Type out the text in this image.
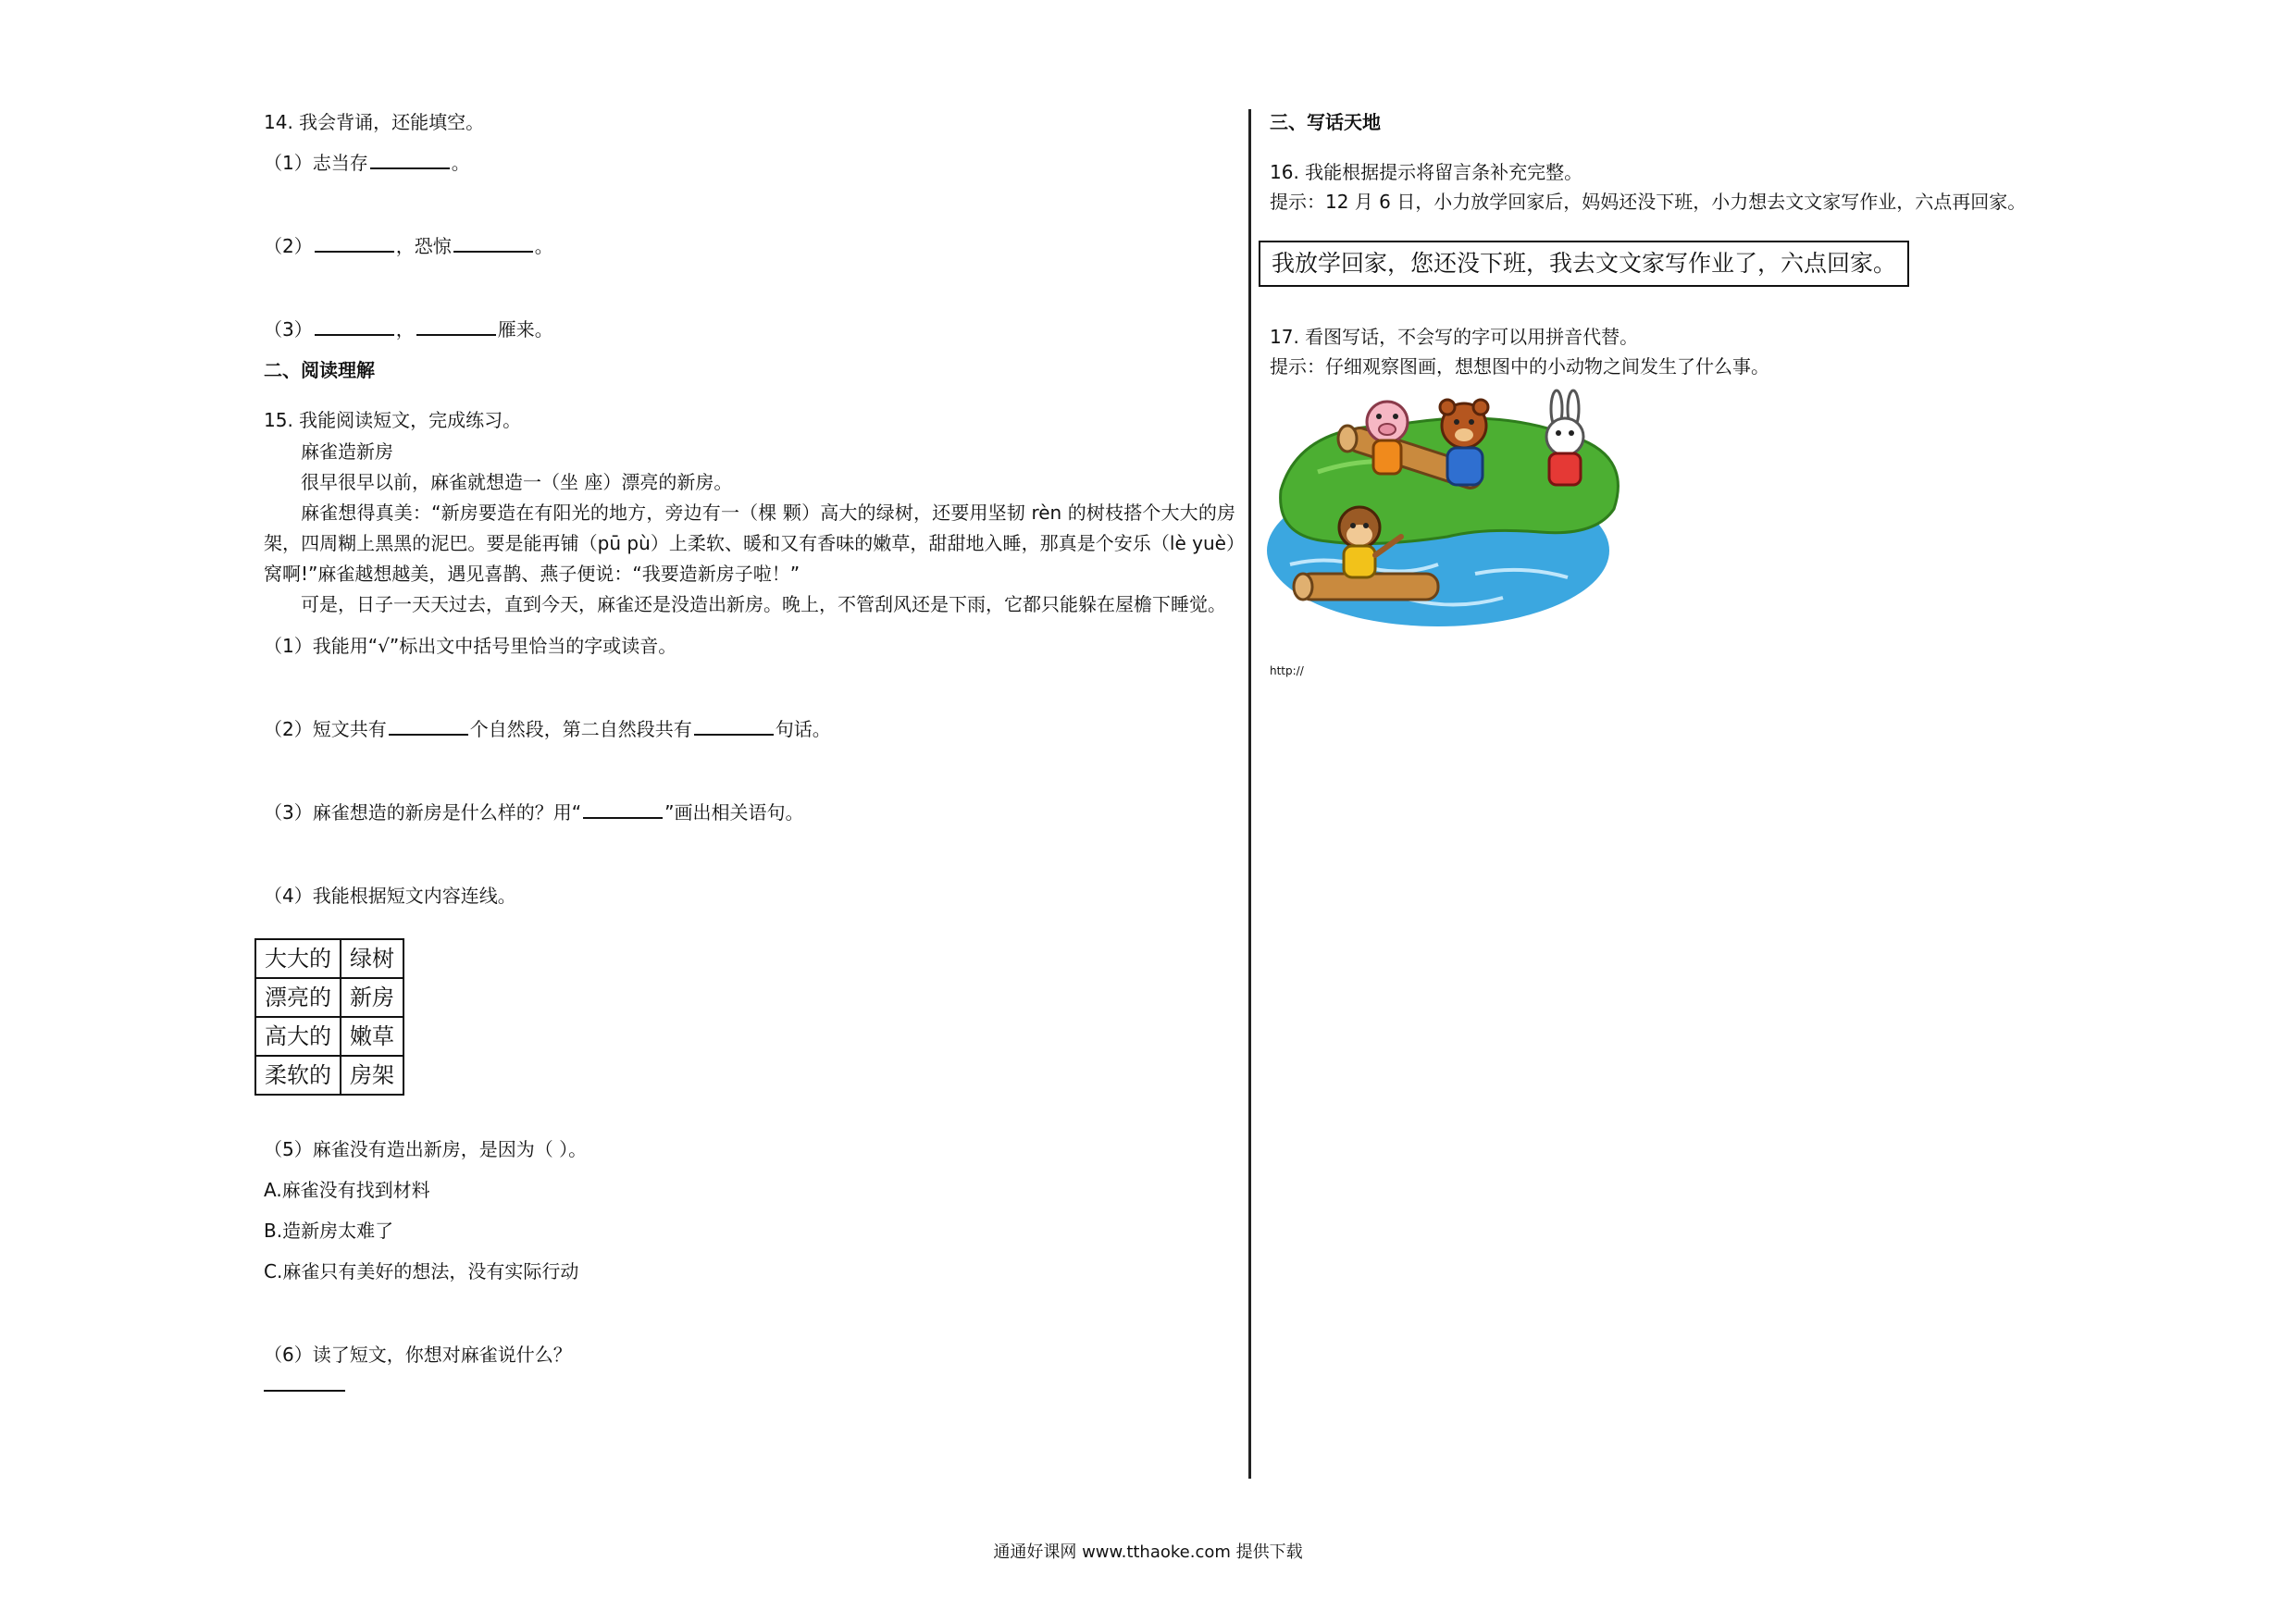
14. 我会背诵，还能填空。

（1）志当存	。

（2）	，恐惊	。

（3）	，	雁来。

二、阅读理解

15. 我能阅读短文，完成练习。

麻雀造新房

很早很早以前，麻雀就想造一（坐 座）漂亮的新房。

麻雀想得真美：“新房要造在有阳光的地方，旁边有一（棵 颗）高大的绿树，还要用坚韧 rèn 的树枝搭个大大的房架，四周糊上黑黑的泥巴。要是能再铺（pū pù）上柔软、暖和又有香味的嫩草，甜甜地入睡，那真是个安乐（lè yuè）窝啊!”麻雀越想越美，遇见喜鹊、燕子便说：“我要造新房子啦！”

可是，日子一天天过去，直到今天，麻雀还是没造出新房。晚上，不管刮风还是下雨，它都只能躲在屋檐下睡觉。

（1）我能用“√”标出文中括号里恰当的字或读音。

（2）短文共有	个自然段，第二自然段共有	句话。

（3）麻雀想造的新房是什么样的？用“	”画出相关语句。

（4）我能根据短文内容连线。

大大的	绿树
漂亮的	新房
高大的	嫩草
柔软的	房架

（5）麻雀没有造出新房，是因为（ ）。

A.麻雀没有找到材料

B.造新房太难了

C.麻雀只有美好的想法，没有实际行动

（6）读了短文，你想对麻雀说什么？

三、写话天地

16. 我能根据提示将留言条补充完整。

提示：12 月 6 日，小力放学回家后，妈妈还没下班，小力想去文文家写作业，六点再回家。

我放学回家，您还没下班，我去文文家写作业了，六点回家。

17. 看图写话，不会写的字可以用拼音代替。

提示：仔细观察图画，想想图中的小动物之间发生了什么事。

http://

通通好课网 www.tthaoke.com 提供下载
